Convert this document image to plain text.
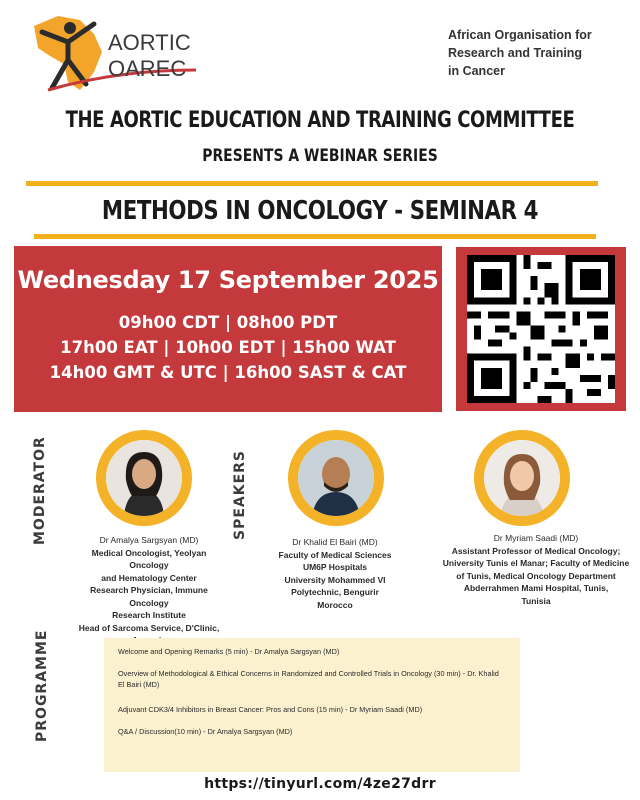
AORTIC
OAREC
African Organisation for
Research and Training
in Cancer
THE AORTIC EDUCATION AND TRAINING COMMITTEE
PRESENTS A WEBINAR SERIES
METHODS IN ONCOLOGY - SEMINAR 4
Wednesday 17 September 2025
09h00 CDT | 08h00 PDT
17h00 EAT | 10h00 EDT | 15h00 WAT
14h00 GMT & UTC | 16h00 SAST & CAT
MODERATOR	SPEAKERS
PROGRAMME
Dr Amalya Sargsyan (MD)
Medical Oncologist, Yeolyan Oncology
and Hematology Center
Research Physician, Immune Oncology
Research Institute
Head of Sarcoma Service, D'Clinic,
Dr Khalid El Bairi (MD)
Faculty of Medical Sciences
UM6P Hospitals
University Mohammed VI
Polytechnic, Bengurir
Morocco
Dr Myriam Saadi (MD)
Assistant Professor of Medical Oncology;
University Tunis el Manar; Faculty of Medicine
of Tunis, Medical Oncology Department
Abderrahmen Mami Hospital, Tunis,
Tunisia
Welcome and Opening Remarks (5 min) - Dr Amalya Sargsyan (MD)
Overview of Methodological & Ethical Concerns in Randomized and Controlled Trials in Oncology (30 min) - Dr. Khalid El Bairi (MD)
Adjuvant CDK3/4 Inhibitors in Breast Cancer: Pros and Cons (15 min) - Dr Myriam Saadi (MD)
Q&A / Discussion(10 min) - Dr Amalya Sargsyan (MD)
https://tinyurl.com/4ze27drr
